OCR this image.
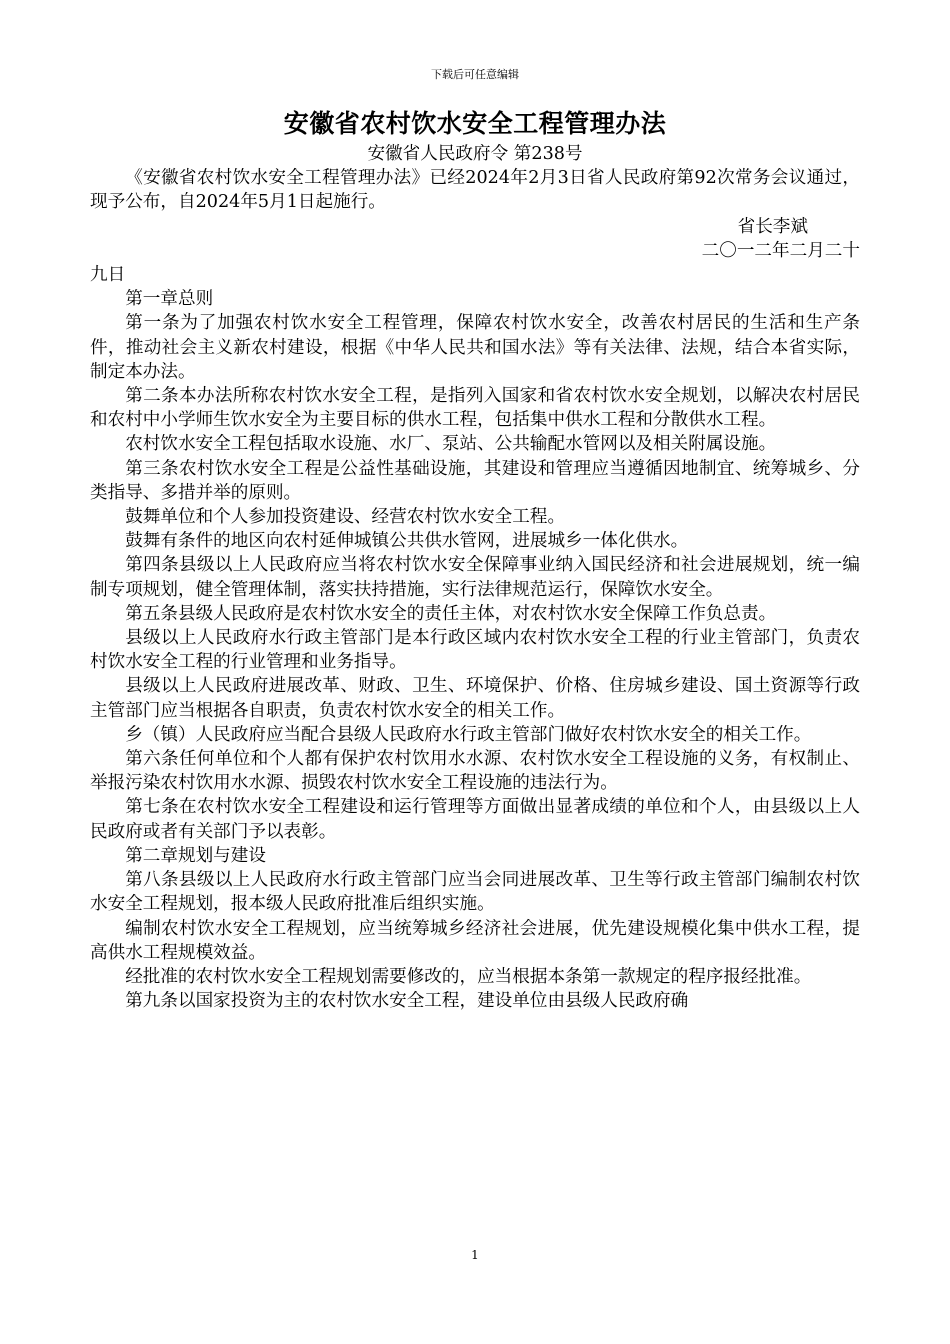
下载后可任意编辑
安徽省农村饮水安全工程管理办法

安徽省人民政府令 第238号

《安徽省农村饮水安全工程管理办法》已经2024年2月3日省人民政府第92次常务会议通过，现予公布，自2024年5月1日起施行。

省长李斌

二〇一二年二月二十

九日

第一章总则

第一条为了加强农村饮水安全工程管理，保障农村饮水安全，改善农村居民的生活和生产条件，推动社会主义新农村建设，根据《中华人民共和国水法》等有关法律、法规，结合本省实际，制定本办法。

第二条本办法所称农村饮水安全工程，是指列入国家和省农村饮水安全规划，以解决农村居民和农村中小学师生饮水安全为主要目标的供水工程，包括集中供水工程和分散供水工程。

农村饮水安全工程包括取水设施、水厂、泵站、公共输配水管网以及相关附属设施。

第三条农村饮水安全工程是公益性基础设施，其建设和管理应当遵循因地制宜、统筹城乡、分类指导、多措并举的原则。

鼓舞单位和个人参加投资建设、经营农村饮水安全工程。

鼓舞有条件的地区向农村延伸城镇公共供水管网，进展城乡一体化供水。

第四条县级以上人民政府应当将农村饮水安全保障事业纳入国民经济和社会进展规划，统一编制专项规划，健全管理体制，落实扶持措施，实行法律规范运行，保障饮水安全。

第五条县级人民政府是农村饮水安全的责任主体，对农村饮水安全保障工作负总责。

县级以上人民政府水行政主管部门是本行政区域内农村饮水安全工程的行业主管部门，负责农村饮水安全工程的行业管理和业务指导。

县级以上人民政府进展改革、财政、卫生、环境保护、价格、住房城乡建设、国土资源等行政主管部门应当根据各自职责，负责农村饮水安全的相关工作。

乡（镇）人民政府应当配合县级人民政府水行政主管部门做好农村饮水安全的相关工作。

第六条任何单位和个人都有保护农村饮用水水源、农村饮水安全工程设施的义务，有权制止、举报污染农村饮用水水源、损毁农村饮水安全工程设施的违法行为。

第七条在农村饮水安全工程建设和运行管理等方面做出显著成绩的单位和个人，由县级以上人民政府或者有关部门予以表彰。

第二章规划与建设

第八条县级以上人民政府水行政主管部门应当会同进展改革、卫生等行政主管部门编制农村饮水安全工程规划，报本级人民政府批准后组织实施。

编制农村饮水安全工程规划，应当统筹城乡经济社会进展，优先建设规模化集中供水工程，提高供水工程规模效益。

经批准的农村饮水安全工程规划需要修改的，应当根据本条第一款规定的程序报经批准。

第九条以国家投资为主的农村饮水安全工程，建设单位由县级人民政府确

1
